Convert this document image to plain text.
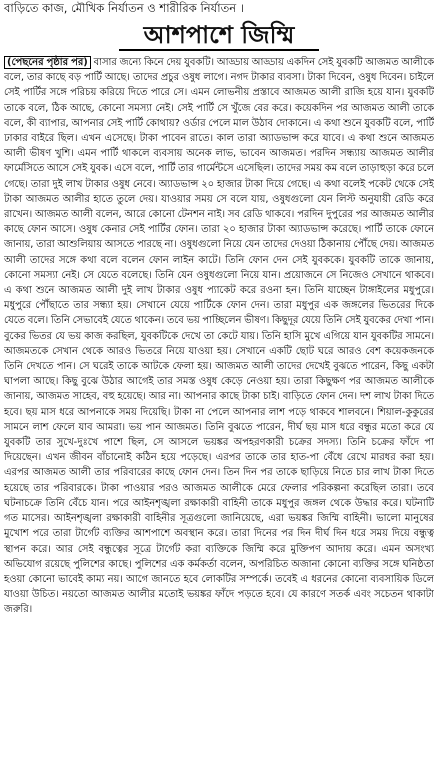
বাড়িতে কাজ, মৌখিক নির্যাতন ও শারীরিক নির্যাতন ।
আশপাশে জিম্মি

(পেছনের পৃষ্ঠার পর) বাসার জন্যে কিনে দেয় যুবকটি। আড্ডায় আড্ডায় একদিন সেই যুবকটি আজমত আলীকে বলে, তার কাছে বড় পার্টি আছে। তাদের প্রচুর ওষুধ লাগে। নগদ টাকার ব্যবসা। টাকা দিবেন, ওষুধ দিবেন। চাইলে সেই পার্টির সঙ্গে পরিচয় করিয়ে দিতে পারে সে। এমন লোভনীয় প্রস্তাবে আজমত আলী রাজি হয়ে যান। যুবকটি তাকে বলে, ঠিক আছে, কোনো সমস্যা নেই। সেই পার্টি সে খুঁজে বের করে। কয়েকদিন পর আজমত আলী তাকে বলে, কী ব্যাপার, আপনার সেই পার্টি কোথায়? ওর্ডার পেলে মাল উঠাব দোকানে। এ কথা শুনে যুবকটি বলে, পার্টি ঢাকার বাইরে ছিল। এখন এসেছে। টাকা পাবেন রাতে। কাল তারা অ্যাডভান্স করে যাবে। এ কথা শুনে আজমত আলী ভীষণ খুশি। এমন পার্টি থাকলে ব্যবসায় অনেক লাভ, ভাবেন আজমত। পরদিন সন্ধ্যায় আজমত আলীর ফার্মেসিতে আসে সেই যুবক। এসে বলে, পার্টি তার গার্মেন্টসে এসেছিল। তাদের সময় কম বলে তাড়াহুড়া করে চলে গেছে। তারা দুই লাখ টাকার ওষুধ নেবে। অ্যাডভান্স ২০ হাজার টাকা দিয়ে গেছে। এ কথা বলেই পকেট থেকে সেই টাকা আজমত আলীর হাতে তুলে দেয়। যাওয়ার সময় সে বলে যায়, ওষুধগুলো যেন লিস্ট অনুযায়ী রেডি করে রাখেন। আজমত আলী বলেন, আরে কোনো টেনশন নাই। সব রেডি থাকবে। পরদিন দুপুরের পর আজমত আলীর কাছে ফোন আসে। ওষুধ কেনার সেই পার্টির ফোন। তারা ২০ হাজার টাকা অ্যাডভান্স করেছে। পার্টি তাকে ফোনে জানায়, তারা আশুলিয়ায় আসতে পারছে না। ওষুধগুলো নিয়ে যেন তাদের দেওয়া ঠিকানায় পৌঁছে দেয়। আজমত আলী তাদের সঙ্গে কথা বলে বলেন ফোন লাইন কাটে। তিনি ফোন দেন সেই যুবককে। যুবকটি তাকে জানায়, কোনো সমস্যা নেই। সে যেতে বলেছে। তিনি যেন ওষুধগুলো নিয়ে যান। প্রয়োজনে সে নিজেও সেখানে থাকবে। এ কথা শুনে আজমত আলী দুই লাখ টাকার ওষুধ প্যাকেট করে রওনা হন। তিনি যাচ্ছেন টাঙ্গাইলের মধুপুরে। মধুপুরে পৌঁছাতে তার সন্ধ্যা হয়। সেখানে যেয়ে পার্টিকে ফোন দেন। তারা মধুপুর এক জঙ্গলের ভিতরের দিকে যেতে বলে। তিনি সেভাবেই যেতে থাকেন। তবে ভয় পাচ্ছিলেন ভীষণ। কিছুদূর যেয়ে তিনি সেই যুবকের দেখা পান। বুকের ভিতর যে ভয় কাজ করছিল, যুবকটিকে দেখে তা কেটে যায়। তিনি হাসি মুখে এগিয়ে যান যুবকটির সামনে। আজমতকে সেখান থেকে আরও ভিতরে নিয়ে যাওয়া হয়। সেখানে একটি ছোট ঘরে আরও বেশ কয়েকজনকে তিনি দেখতে পান। সে ঘরেই তাকে আটকে ফেলা হয়। আজমত আলী তাদের দেখেই বুঝতে পারেন, কিছু একটা ঘাপলা আছে। কিছু বুঝে উঠার আগেই তার সমস্ত ওষুধ কেড়ে নেওয়া হয়। তারা কিছুক্ষণ পর আজমত আলীকে জানায়, আজমত সাহেব, বহু হয়েছে। আর না। আপনার কাছে টাকা চাই। বাড়িতে ফোন দেন। দশ লাখ টাকা দিতে হবে। ছয় মাস ধরে আপনাকে সময় দিয়েছি। টাকা না পেলে আপনার লাশ পড়ে থাকবে শালবনে। শিয়াল-কুকুরের সামনে লাশ ফেলে যাব আমরা। ভয় পান আজমত। তিনি বুঝতে পারেন, দীর্ঘ ছয় মাস ধরে বন্ধুর মতো করে যে যুবকটি তার সুখে-দুঃখে পাশে ছিল, সে আসলে ভয়ঙ্কর অপহরণকারী চক্রের সদস্য। তিনি চক্রের ফাঁদে পা দিয়েছেন। এখন জীবন বাঁচানোই কঠিন হয়ে পড়েছে। এরপর তাকে তার হাত-পা বেঁধে রেখে মারধর করা হয়। এরপর আজমত আলী তার পরিবারের কাছে ফোন দেন। তিন দিন পর তাকে ছাড়িয়ে নিতে চার লাখ টাকা দিতে হয়েছে তার পরিবারকে। টাকা পাওয়ার পরও আজমত আলীকে মেরে ফেলার পরিকল্পনা করেছিল তারা। তবে ঘটনাচক্রে তিনি বেঁচে যান। পরে আইনশৃঙ্খলা রক্ষাকারী বাহিনী তাকে মধুপুর জঙ্গল থেকে উদ্ধার করে। ঘটনাটি গত মাসের। আইনশৃঙ্খলা রক্ষাকারী বাহিনীর সূত্রগুলো জানিয়েছে, এরা ভয়ঙ্কর জিম্মি বাহিনী। ভালো মানুষের মুখোশ পরে তারা টার্গেট ব্যক্তির আশপাশে অবস্থান করে। তারা দিনের পর দিন দীর্ঘ দিন ধরে সময় দিয়ে বন্ধুত্ব স্থাপন করে। আর সেই বন্ধুত্বের সূত্রে টার্গেট করা ব্যক্তিকে জিম্মি করে মুক্তিপণ আদায় করে। এমন অসংখ্য অভিযোগ রয়েছে পুলিশের কাছে। পুলিশের এক কর্মকর্তা বলেন, অপরিচিত অজানা কোনো ব্যক্তির সঙ্গে ঘনিষ্ঠতা হওয়া কোনো ভাবেই কাম্য নয়। আগে জানতে হবে লোকটির সম্পর্কে। তবেই এ ধরনের কোনো ব্যবসায়িক ডিলে যাওয়া উচিত। নয়তো আজমত আলীর মতোই ভয়ঙ্কর ফাঁদে পড়তে হবে। যে কারণে সতর্ক এবং সচেতন থাকাটা জরুরি।
